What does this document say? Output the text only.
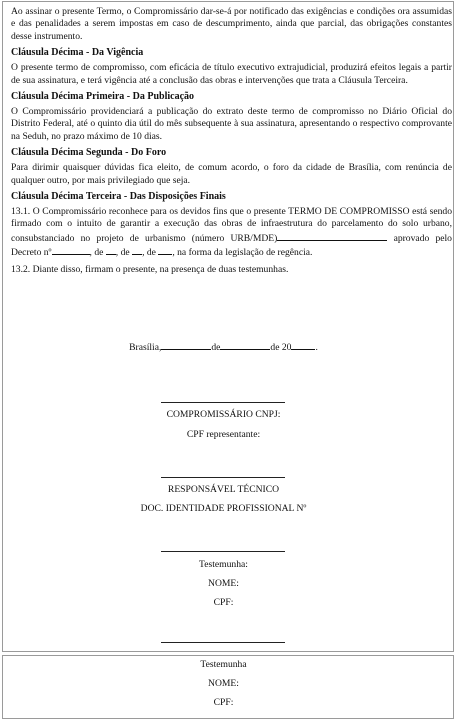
Ao assinar o presente Termo, o Compromissário dar-se-á por notificado das exigências e condições ora assumidas e das penalidades a serem impostas em caso de descumprimento, ainda que parcial, das obrigações constantes desse instrumento.

Cláusula Décima - Da Vigência

O presente termo de compromisso, com eficácia de título executivo extrajudicial, produzirá efeitos legais a partir de sua assinatura, e terá vigência até a conclusão das obras e intervenções que trata a Cláusula Terceira.

Cláusula Décima Primeira - Da Publicação

O Compromissário providenciará a publicação do extrato deste termo de compromisso no Diário Oficial do Distrito Federal, até o quinto dia útil do mês subsequente à sua assinatura, apresentando o respectivo comprovante na Seduh, no prazo máximo de 10 dias.

Cláusula Décima Segunda - Do Foro

Para dirimir quaisquer dúvidas fica eleito, de comum acordo, o foro da cidade de Brasília, com renúncia de qualquer outro, por mais privilegiado que seja.

Cláusula Décima Terceira - Das Disposições Finais

13.1. O Compromissário reconhece para os devidos fins que o presente TERMO DE COMPROMISSO está sendo firmado com o intuito de garantir a execução das obras de infraestrutura do parcelamento do solo urbano, consubstanciado no projeto de urbanismo (número URB/MDE)	aprovado pelo Decreto nº	, de , de , de , na forma da legislação de regência.

13.2. Diante disso, firmam o presente, na presença de duas testemunhas.

Brasília,	de	de 20	.
COMPROMISSÁRIO CNPJ:
CPF representante:
RESPONSÁVEL TÉCNICO
DOC. IDENTIDADE PROFISSIONAL Nº
Testemunha:
NOME:
CPF:
Testemunha
NOME:
CPF:
